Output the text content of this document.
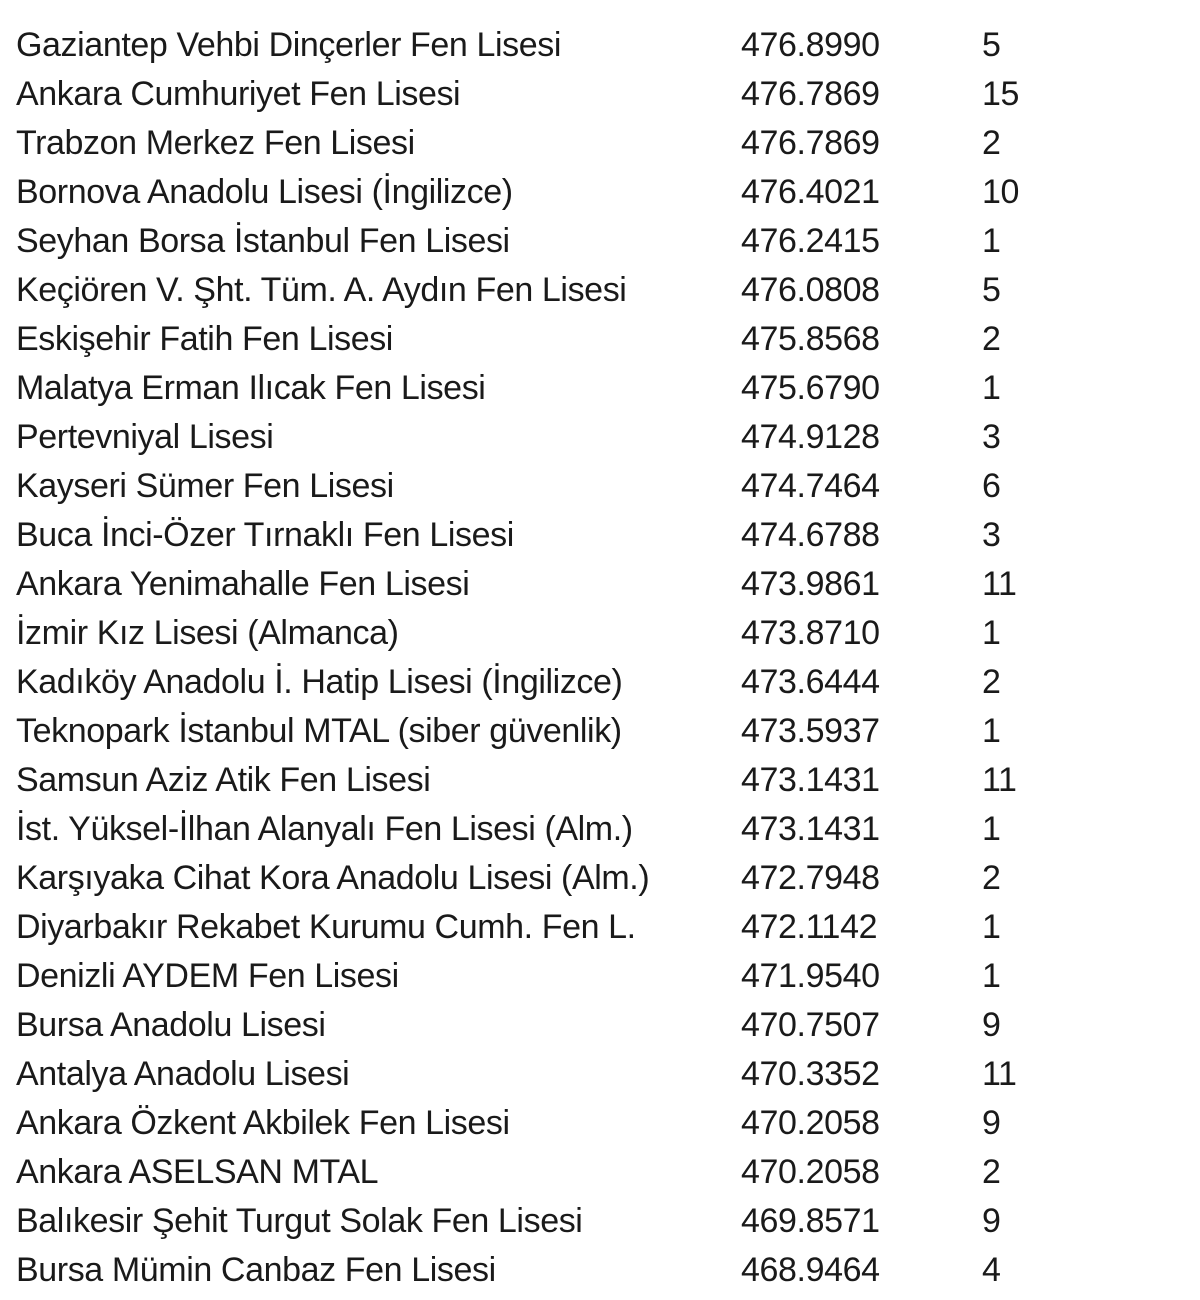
Gaziantep Vehbi Dinçerler Fen Lisesi	476.8990	5
Ankara Cumhuriyet Fen Lisesi	476.7869	15
Trabzon Merkez Fen Lisesi	476.7869	2
Bornova Anadolu Lisesi (İngilizce)	476.4021	10
Seyhan Borsa İstanbul Fen Lisesi	476.2415	1
Keçiören V. Şht. Tüm. A. Aydın Fen Lisesi	476.0808	5
Eskişehir Fatih Fen Lisesi	475.8568	2
Malatya Erman Ilıcak Fen Lisesi	475.6790	1
Pertevniyal Lisesi	474.9128	3
Kayseri Sümer Fen Lisesi	474.7464	6
Buca İnci-Özer Tırnaklı Fen Lisesi	474.6788	3
Ankara Yenimahalle Fen Lisesi	473.9861	11
İzmir Kız Lisesi (Almanca)	473.8710	1
Kadıköy Anadolu İ. Hatip Lisesi (İngilizce)	473.6444	2
Teknopark İstanbul MTAL (siber güvenlik)	473.5937	1
Samsun Aziz Atik Fen Lisesi	473.1431	11
İst. Yüksel-İlhan Alanyalı Fen Lisesi (Alm.)	473.1431	1
Karşıyaka Cihat Kora Anadolu Lisesi (Alm.)	472.7948	2
Diyarbakır Rekabet Kurumu Cumh. Fen L.	472.1142	1
Denizli AYDEM Fen Lisesi	471.9540	1
Bursa Anadolu Lisesi	470.7507	9
Antalya Anadolu Lisesi	470.3352	11
Ankara Özkent Akbilek Fen Lisesi	470.2058	9
Ankara ASELSAN MTAL	470.2058	2
Balıkesir Şehit Turgut Solak Fen Lisesi	469.8571	9
Bursa Mümin Canbaz Fen Lisesi	468.9464	4
